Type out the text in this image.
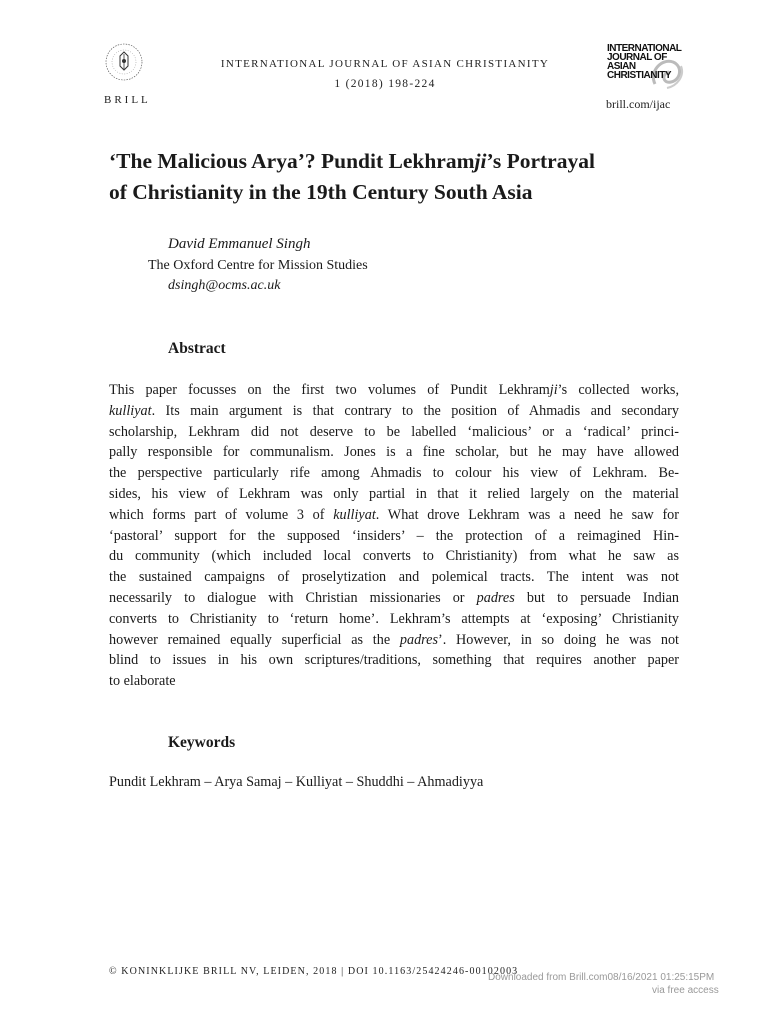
BRILL
INTERNATIONAL JOURNAL OF ASIAN CHRISTIANITY
1 (2018) 198-224
INTERNATIONAL
JOURNAL OF ASIAN
CHRISTIANITY
brill.com/ijac
‘The Malicious Arya’? Pundit Lekhramji’s Portrayal
of Christianity in the 19th Century South Asia
David Emmanuel Singh
The Oxford Centre for Mission Studies
dsingh@ocms.ac.uk
Abstract
This paper focusses on the first two volumes of Pundit Lekhramji’s collected works,
kulliyat. Its main argument is that contrary to the position of Ahmadis and secondary
scholarship, Lekhram did not deserve to be labelled ‘malicious’ or a ‘radical’ princi-
pally responsible for communalism. Jones is a fine scholar, but he may have allowed
the perspective particularly rife among Ahmadis to colour his view of Lekhram. Be-
sides, his view of Lekhram was only partial in that it relied largely on the material
which forms part of volume 3 of kulliyat. What drove Lekhram was a need he saw for
‘pastoral’ support for the supposed ‘insiders’ – the protection of a reimagined Hin-
du community (which included local converts to Christianity) from what he saw as
the sustained campaigns of proselytization and polemical tracts. The intent was not
necessarily to dialogue with Christian missionaries or padres but to persuade Indian
converts to Christianity to ‘return home’. Lekhram’s attempts at ‘exposing’ Christianity
however remained equally superficial as the padres’. However, in so doing he was not
blind to issues in his own scriptures/traditions, something that requires another paper
to elaborate
Keywords
Pundit Lekhram – Arya Samaj – Kulliyat – Shuddhi – Ahmadiyya
© KONINKLIJKE BRILL NV, LEIDEN, 2018 | DOI 10.1163/25424246-00102003
Downloaded from Brill.com08/16/2021 01:25:15PM
via free access
